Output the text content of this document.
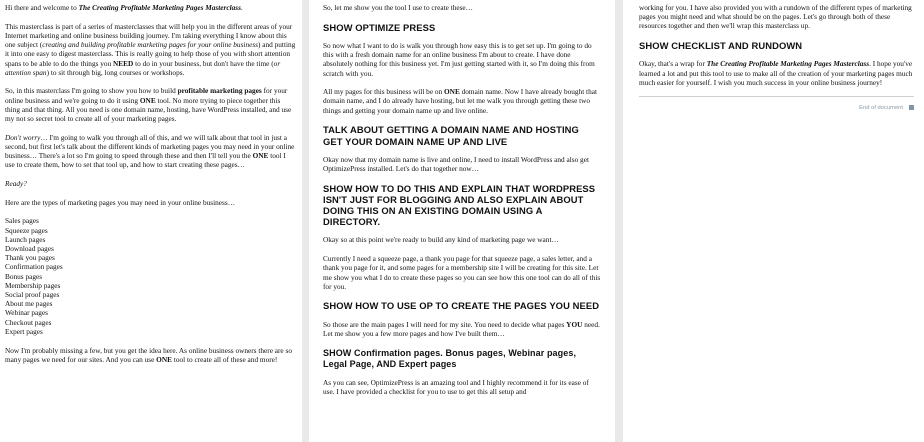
Hi there and welcome to The Creating Profitable Marketing Pages Masterclass.

This masterclass is part of a series of masterclasses that will help you in the different areas of your Internet marketing and online business building journey. I'm taking everything I know about this one subject (creating and building profitable marketing pages for your online business) and putting it into one easy to digest masterclass. This is really going to help those of you with short attention spans to be able to do the things you NEED to do in your business, but don't have the time (or attention span) to sit through big, long courses or workshops.

So, in this masterclass I'm going to show you how to build profitable marketing pages for your online business and we're going to do it using ONE tool. No more trying to piece together this thing and that thing. All you need is one domain name, hosting, have WordPress installed, and use my not so secret tool to create all of your marketing pages.

Don't worry… I'm going to walk you through all of this, and we will talk about that tool in just a second, but first let's talk about the different kinds of marketing pages you may need in your online business… There's a lot so I'm going to speed through these and then I'll tell you the ONE tool I use to create them, how to set that tool up, and how to start creating these pages…

Ready?

Here are the types of marketing pages you may need in your online business…

Sales pages
Squeeze pages
Launch pages
Download pages
Thank you pages
Confirmation pages
Bonus pages
Membership pages
Social proof pages
About me pages
Webinar pages
Checkout pages
Expert pages

Now I'm probably missing a few, but you get the idea here. As online business owners there are so many pages we need for our sites. And you can use ONE tool to create all of these and more!

So, let me show you the tool I use to create these…

SHOW OPTIMIZE PRESS

So now what I want to do is walk you through how easy this is to get set up. I'm going to do this with a fresh domain name for an online business I'm about to create. I have done absolutely nothing for this business yet. I'm just getting started with it, so I'm doing this from scratch with you.

All my pages for this business will be on ONE domain name. Now I have already bought that domain name, and I do already have hosting, but let me walk you through getting these two things and getting your domain name up and live online.

TALK ABOUT GETTING A DOMAIN NAME AND HOSTING GET YOUR DOMAIN NAME UP AND LIVE

Okay now that my domain name is live and online, I need to install WordPress and also get OptimizePress installed. Let's do that together now…

SHOW HOW TO DO THIS AND EXPLAIN THAT WORDPRESS ISN'T JUST FOR BLOGGING AND ALSO EXPLAIN ABOUT DOING THIS ON AN EXISTING DOMAIN USING A DIRECTORY.

Okay so at this point we're ready to build any kind of marketing page we want…

Currently I need a squeeze page, a thank you page for that squeeze page, a sales letter, and a thank you page for it, and some pages for a membership site I will be creating for this site. Let me show you what I do to create these pages so you can see how this one tool can do all of this for you.

SHOW HOW TO USE OP TO CREATE THE PAGES YOU NEED

So those are the main pages I will need for my site. You need to decide what pages YOU need. Let me show you a few more pages and how I've built them…

SHOW Confirmation pages. Bonus pages, Webinar pages, Legal Page, AND Expert pages

As you can see, OptimizePress is an amazing tool and I highly recommend it for its ease of use. I have provided a checklist for you to use to get this all setup and

working for you. I have also provided you with a rundown of the different types of marketing pages you might need and what should be on the pages. Let's go through both of these resources together and then we'll wrap this masterclass up.

SHOW CHECKLIST AND RUNDOWN

Okay, that's a wrap for The Creating Profitable Marketing Pages Masterclass. I hope you've learned a lot and put this tool to use to make all of the creation of your marketing pages much much easier for yourself. I wish you much success in your online business journey!

End of document
